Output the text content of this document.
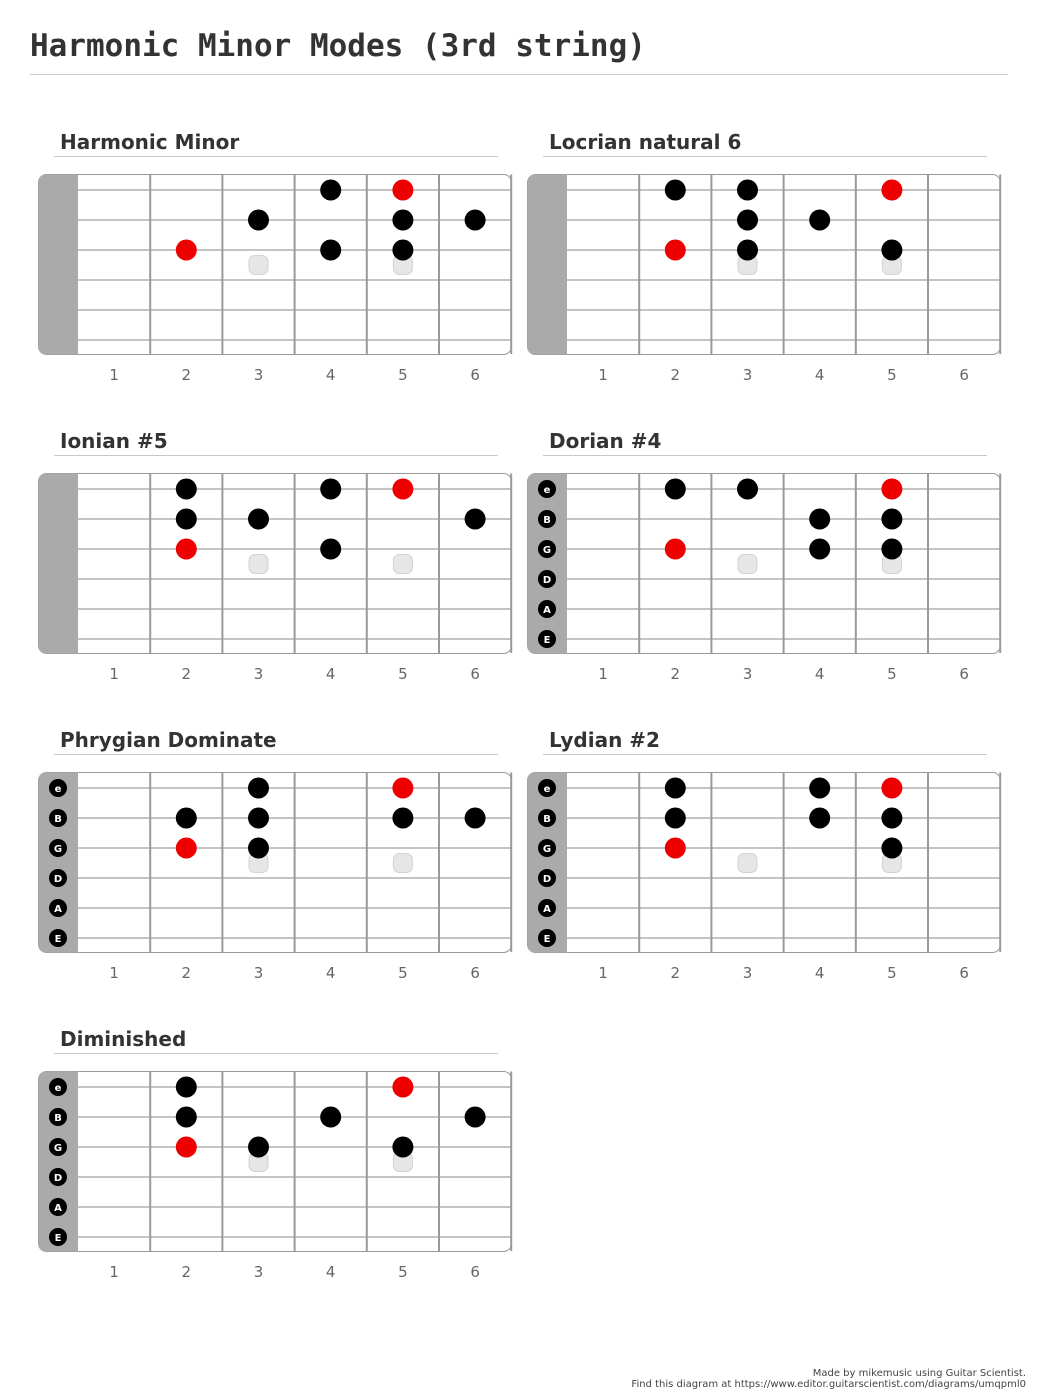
Harmonic Minor Modes (3rd string)
Harmonic Minor
1	2	3	4	5	6
Locrian natural 6
1	2	3	4	5	6
Ionian #5
1	2	3	4	5	6
Dorian #4
e
B
G
D
A
E
1	2	3	4	5	6
Phrygian Dominate
e
B
G
D
A
E
1	2	3	4	5	6
Lydian #2
e
B
G
D
A
E
1	2	3	4	5	6
Diminished
e
B
G
D
A
E
1	2	3	4	5	6
Made by mikemusic using Guitar Scientist.
Find this diagram at https://www.editor.guitarscientist.com/diagrams/umqpml0
